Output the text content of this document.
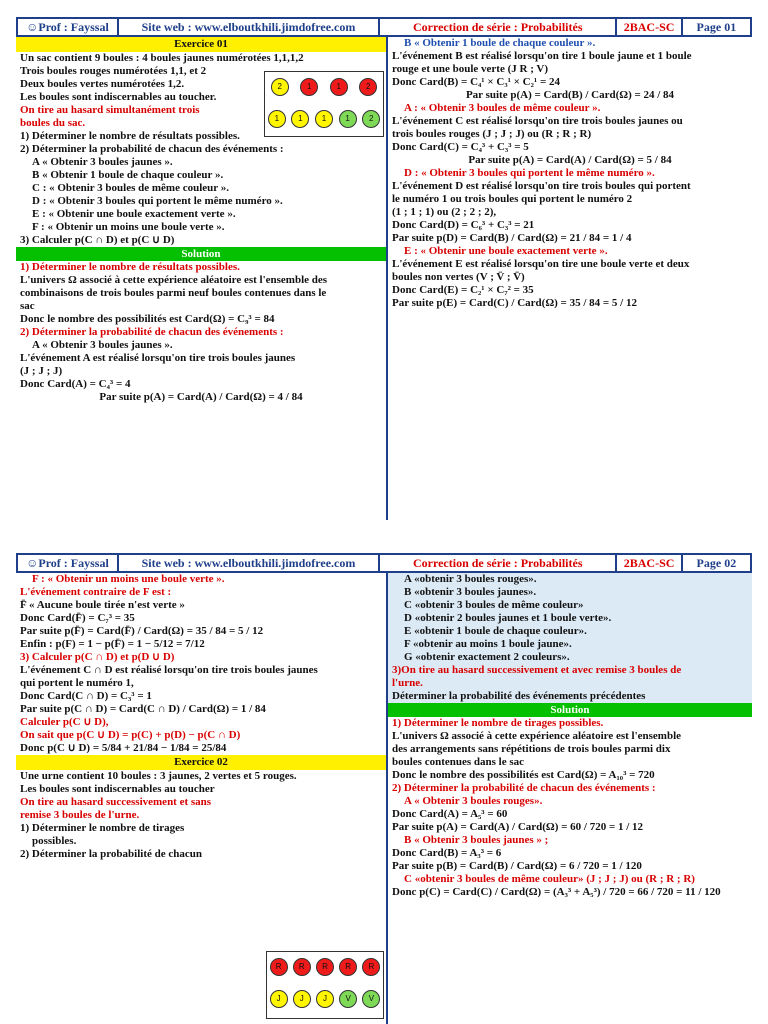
☺ Prof : Fayssal	Site web : www.elboutkhili.jimdofree.com	Correction de série : Probabilités	2BAC-SC	Page 01
Exercice 01
Un sac contient 9 boules : 4 boules jaunes numérotées 1,1,1,2
Trois boules rouges numérotées 1,1, et 2
Deux boules vertes numérotées 1,2.
Les boules sont indiscernables au toucher.
On tire au hasard simultanément trois
boules du sac.
1) Déterminer le nombre de résultats possibles.
2) Déterminer la probabilité de chacun des événements :
A « Obtenir 3 boules jaunes ».
B « Obtenir 1 boule de chaque couleur ».
C : « Obtenir 3 boules de même couleur ».
D : « Obtenir 3 boules qui portent le même numéro ».
E : « Obtenir une boule exactement verte ».
F : « Obtenir un moins une boule verte ».
3) Calculer p(C ∩ D) et p(C ∪ D)
Solution
1) Déterminer le nombre de résultats possibles.
L'univers Ω associé à cette expérience aléatoire est l'ensemble des
combinaisons de trois boules parmi neuf boules contenues dans le
sac
Donc le nombre des possibilités est Card(Ω) = C₉³ = 84
2) Déterminer la probabilité de chacun des événements :
A « Obtenir 3 boules jaunes ».
L'événement A est réalisé lorsqu'on tire trois boules jaunes
(J ; J ; J)
Donc Card(A) = C₄³ = 4
Par suite p(A) = Card(A) / Card(Ω) = 4 / 84
2	1	1	2
1	1	1	1	2
B « Obtenir 1 boule de chaque couleur ».
L'événement B est réalisé lorsqu'on tire 1 boule jaune et 1 boule
rouge et une boule verte (J R ; V)
Donc Card(B) = C₄¹ × C₃¹ × C₂¹ = 24
Par suite p(A) = Card(B) / Card(Ω) = 24 / 84
A : « Obtenir 3 boules de même couleur ».
L'événement C est réalisé lorsqu'on tire trois boules jaunes ou
trois boules rouges (J ; J ; J) ou (R ; R ; R)
Donc Card(C) = C₄³ + C₃³ = 5
Par suite p(A) = Card(A) / Card(Ω) = 5 / 84
D : « Obtenir 3 boules qui portent le même numéro ».
L'événement D est réalisé lorsqu'on tire trois boules qui portent
le numéro 1 ou trois boules qui portent le numéro 2
(1 ; 1 ; 1) ou (2 ; 2 ; 2),
Donc Card(D) = C₆³ + C₃³ = 21
Par suite p(D) = Card(B) / Card(Ω) = 21 / 84 = 1 / 4
E : « Obtenir une boule exactement verte ».
L'événement E est réalisé lorsqu'on tire une boule verte et deux
boules non vertes (V ; V̄ ; V̄)
Donc Card(E) = C₂¹ × C₇² = 35
Par suite p(E) = Card(C) / Card(Ω) = 35 / 84 = 5 / 12
☺ Prof : Fayssal	Site web : www.elboutkhili.jimdofree.com	Correction de série : Probabilités	2BAC-SC	Page 02
F : « Obtenir un moins une boule verte ».
L'événement contraire de F est :
F̄ « Aucune boule tirée n'est verte »
Donc Card(F̄) = C₇³ = 35
Par suite p(F̄) = Card(F̄) / Card(Ω) = 35 / 84 = 5 / 12
Enfin : p(F) = 1 − p(F̄) = 1 − 5/12 = 7/12
3) Calculer p(C ∩ D) et p(D ∪ D)
L'événement C ∩ D est réalisé lorsqu'on tire trois boules jaunes
qui portent le numéro 1,
Donc Card(C ∩ D) = C₃³ = 1
Par suite p(C ∩ D) = Card(C ∩ D) / Card(Ω) = 1 / 84
Calculer p(C ∪ D),
On sait que p(C ∪ D) = p(C) + p(D) − p(C ∩ D)
Donc p(C ∪ D) = 5/84 + 21/84 − 1/84 = 25/84
Exercice 02
Une urne contient 10 boules : 3 jaunes, 2 vertes et 5 rouges.
Les boules sont indiscernables au toucher
On tire au hasard successivement et sans
remise 3 boules de l'urne.
1) Déterminer le nombre de tirages
possibles.
2) Déterminer la probabilité de chacun
R	R	R	R	R
J	J	J	V	V
A «obtenir 3 boules rouges».
B «obtenir 3 boules jaunes».
C «obtenir 3 boules de même couleur»
D «obtenir 2 boules jaunes et 1 boule verte».
E «obtenir 1 boule de chaque couleur».
F «obtenir au moins 1 boule jaune».
G «obtenir exactement 2 couleurs».
3)On tire au hasard successivement et avec remise 3 boules de
l'urne.
Déterminer la probabilité des événements précédentes
Solution
1) Déterminer le nombre de tirages possibles.
L'univers Ω associé à cette expérience aléatoire est l'ensemble
des arrangements sans répétitions de trois boules parmi dix
boules contenues dans le sac
Donc le nombre des possibilités est Card(Ω) = A₁₀³ = 720
2) Déterminer la probabilité de chacun des événements :
A « Obtenir 3 boules rouges».
Donc Card(A) = A₅³ = 60
Par suite p(A) = Card(A) / Card(Ω) = 60 / 720 = 1 / 12
B « Obtenir 3 boules jaunes » ;
Donc Card(B) = A₃³ = 6
Par suite p(B) = Card(B) / Card(Ω) = 6 / 720 = 1 / 120
C «obtenir 3 boules de même couleur» (J ; J ; J) ou (R ; R ; R)
Donc p(C) = Card(C) / Card(Ω) = (A₃³ + A₅³) / 720 = 66 / 720 = 11 / 120
